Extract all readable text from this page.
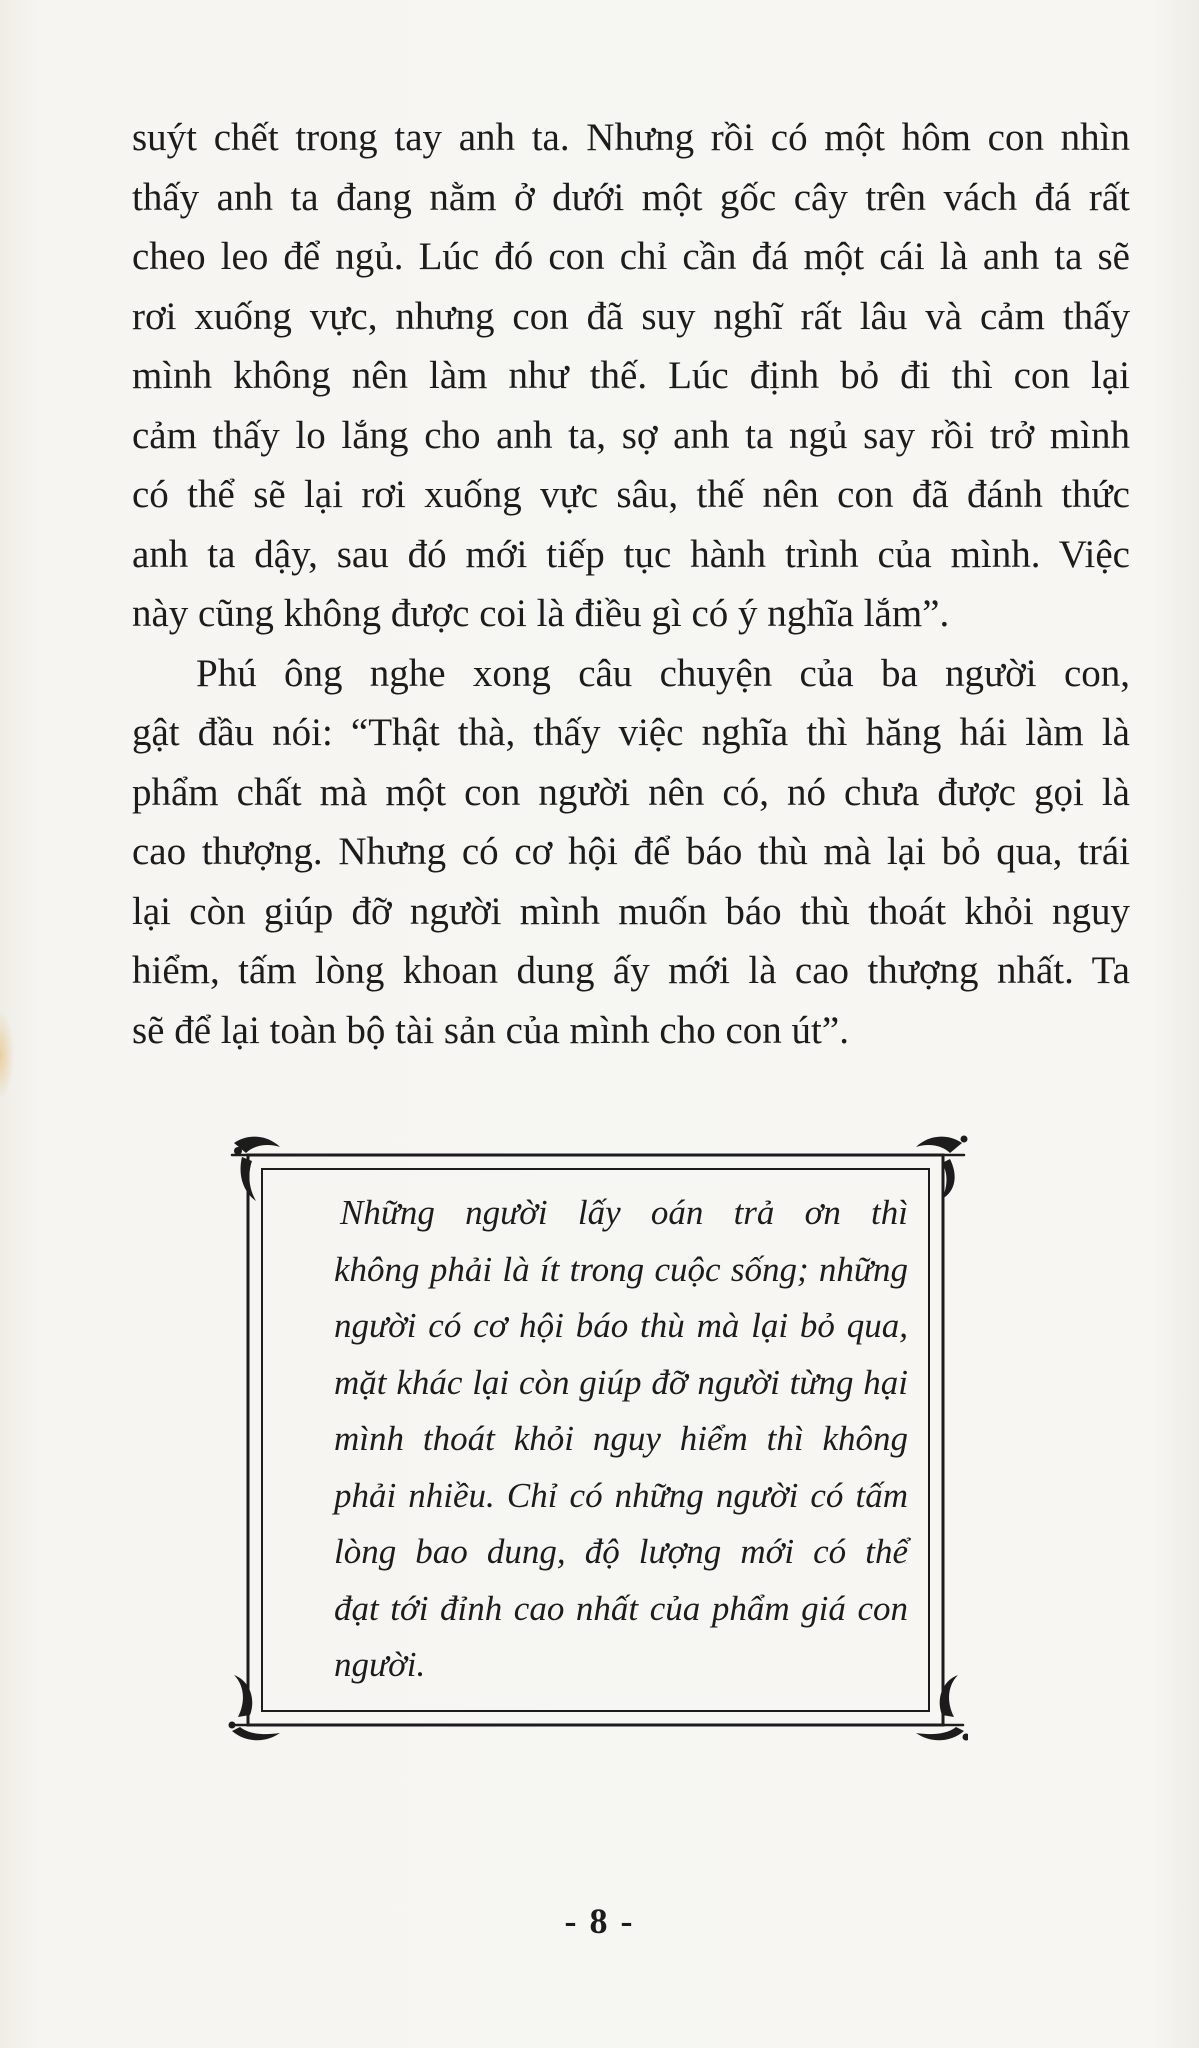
suýt chết trong tay anh ta. Nhưng rồi có một hôm con nhìn
thấy anh ta đang nằm ở dưới một gốc cây trên vách đá rất
cheo leo để ngủ. Lúc đó con chỉ cần đá một cái là anh ta sẽ
rơi xuống vực, nhưng con đã suy nghĩ rất lâu và cảm thấy
mình không nên làm như thế. Lúc định bỏ đi thì con lại
cảm thấy lo lắng cho anh ta, sợ anh ta ngủ say rồi trở mình
có thể sẽ lại rơi xuống vực sâu, thế nên con đã đánh thức
anh ta dậy, sau đó mới tiếp tục hành trình của mình. Việc
này cũng không được coi là điều gì có ý nghĩa lắm”.
Phú ông nghe xong câu chuyện của ba người con,
gật đầu nói: “Thật thà, thấy việc nghĩa thì hăng hái làm là
phẩm chất mà một con người nên có, nó chưa được gọi là
cao thượng. Nhưng có cơ hội để báo thù mà lại bỏ qua, trái
lại còn giúp đỡ người mình muốn báo thù thoát khỏi nguy
hiểm, tấm lòng khoan dung ấy mới là cao thượng nhất. Ta
sẽ để lại toàn bộ tài sản của mình cho con út”.
Những người lấy oán trả ơn thì
không phải là ít trong cuộc sống; những
người có cơ hội báo thù mà lại bỏ qua,
mặt khác lại còn giúp đỡ người từng hại
mình thoát khỏi nguy hiểm thì không
phải nhiều. Chỉ có những người có tấm
lòng bao dung, độ lượng mới có thể
đạt tới đỉnh cao nhất của phẩm giá con
người.
- 8 -
